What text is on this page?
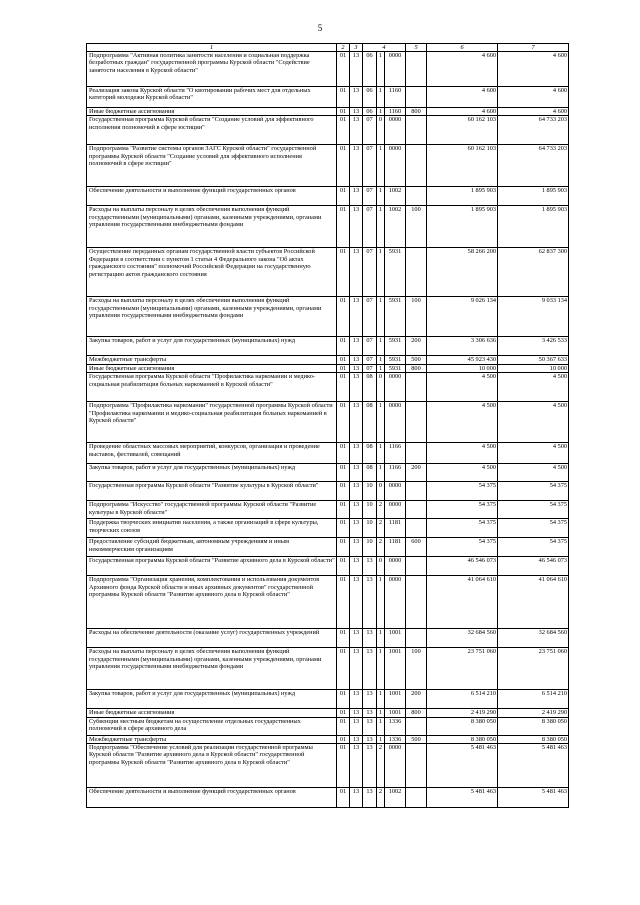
5
1	2	3	4			5	6	7
Подпрограмма "Активная политика занятости населения и социальная поддержка безработных граждан" государственной программы Курской области "Содействие занятости населения в Курской области"	01	13	06	1	0000		4 600	4 600
Реализация закона Курской области "О квотировании рабочих мест для отдельных категорий молодежи Курской области"	01	13	06	1	1160		4 600	4 600
Иные бюджетные ассигнования	01	13	06	1	1160	800	4 600	4 600
Государственная программа Курской области "Создание условий для эффективного исполнения полномочий в сфере юстиции"	01	13	07	0	0000		60 162 103	64 733 203
Подпрограмма "Развитие системы органов ЗАГС Курской области" государственной программы Курской области "Создание условий для эффективного исполнения полномочий в сфере юстиции"	01	13	07	1	0000		60 162 103	64 733 203
Обеспечение деятельности и выполнение функций государственных органов	01	13	07	1	1002		1 895 903	1 895 903
Расходы на выплаты персоналу в целях обеспечения выполнения функций государственными (муниципальными) органами, казенными учреждениями, органами управления государственными внебюджетными фондами	01	13	07	1	1002	100	1 895 903	1 895 903
Осуществление переданных органам государственной власти субъектов Российской Федерации в соответствии с пунктом 1 статьи 4 Федерального закона "Об актах гражданского состояния" полномочий Российской Федерации на государственную регистрацию актов гражданского состояния	01	13	07	1	5931		58 266 200	62 837 300
Расходы на выплаты персоналу в целях обеспечения выполнения функций государственными (муниципальными) органами, казенными учреждениями, органами управления государственными внебюджетными фондами	01	13	07	1	5931	100	9 026 134	9 033 134
Закупка товаров, работ и услуг для государственных (муниципальных) нужд	01	13	07	1	5931	200	3 306 636	3 426 533
Межбюджетные трансферты	01	13	07	1	5931	500	45 923 430	50 367 633
Иные бюджетные ассигнования	01	13	07	1	5931	800	10 000	10 000
Государственная программа Курской области "Профилактика наркомании и медико-социальная реабилитация больных наркоманией в Курской области"	01	13	08	0	0000		4 500	4 500
Подпрограмма "Профилактика наркомании" государственной программы Курской области "Профилактика наркомании и медико-социальная реабилитация больных наркоманией в Курской области"	01	13	08	1	0000		4 500	4 500
Проведение областных массовых мероприятий, конкурсов, организация и проведение выставок, фестивалей, совещаний	01	13	08	1	1166		4 500	4 500
Закупка товаров, работ и услуг для государственных (муниципальных) нужд	01	13	08	1	1166	200	4 500	4 500
Государственная программа Курской области "Развитие культуры в Курской области"	01	13	10	0	0000		54 375	54 375
Подпрограмма "Искусство" государственной программы Курской области "Развитие культуры в Курской области"	01	13	10	2	0000		54 375	54 375
Поддержка творческих инициатив населения, а также организаций в сфере культуры, творческих союзов	01	13	10	2	1181		54 375	54 375
Предоставление субсидий бюджетным, автономным учреждениям и иным некоммерческим организациям	01	13	10	2	1181	600	54 375	54 375
Государственная программа Курской области "Развитие архивного дела в Курской области"	01	13	13	0	0000		46 546 073	46 546 073
Подпрограмма "Организация хранения, комплектования и использования документов Архивного фонда Курской области и иных архивных документов" государственной программы Курской области "Развитие архивного дела в Курской области"	01	13	13	1	0000		41 064 610	41 064 610
Расходы на обеспечение деятельности (оказание услуг) государственных учреждений	01	13	13	1	1001		32 684 560	32 684 560
Расходы на выплаты персоналу в целях обеспечения выполнения функций государственными (муниципальными) органами, казенными учреждениями, органами управления государственными внебюджетными фондами	01	13	13	1	1001	100	23 751 060	23 751 060
Закупка товаров, работ и услуг для государственных (муниципальных) нужд	01	13	13	1	1001	200	6 514 210	6 514 210
Иные бюджетные ассигнования	01	13	13	1	1001	800	2 419 290	2 419 290
Субвенции местным бюджетам на осуществление отдельных государственных полномочий в сфере архивного дела	01	13	13	1	1336		8 380 050	8 380 050
Межбюджетные трансферты	01	13	13	1	1336	500	8 380 050	8 380 050
Подпрограмма "Обеспечение условий для реализации государственной программы Курской области "Развитие архивного дела в Курской области" государственной программы Курской области "Развитие архивного дела в Курской области"	01	13	13	2	0000		5 481 463	5 481 463
Обеспечение деятельности и выполнение функций государственных органов	01	13	13	2	1002		5 481 463	5 481 463
